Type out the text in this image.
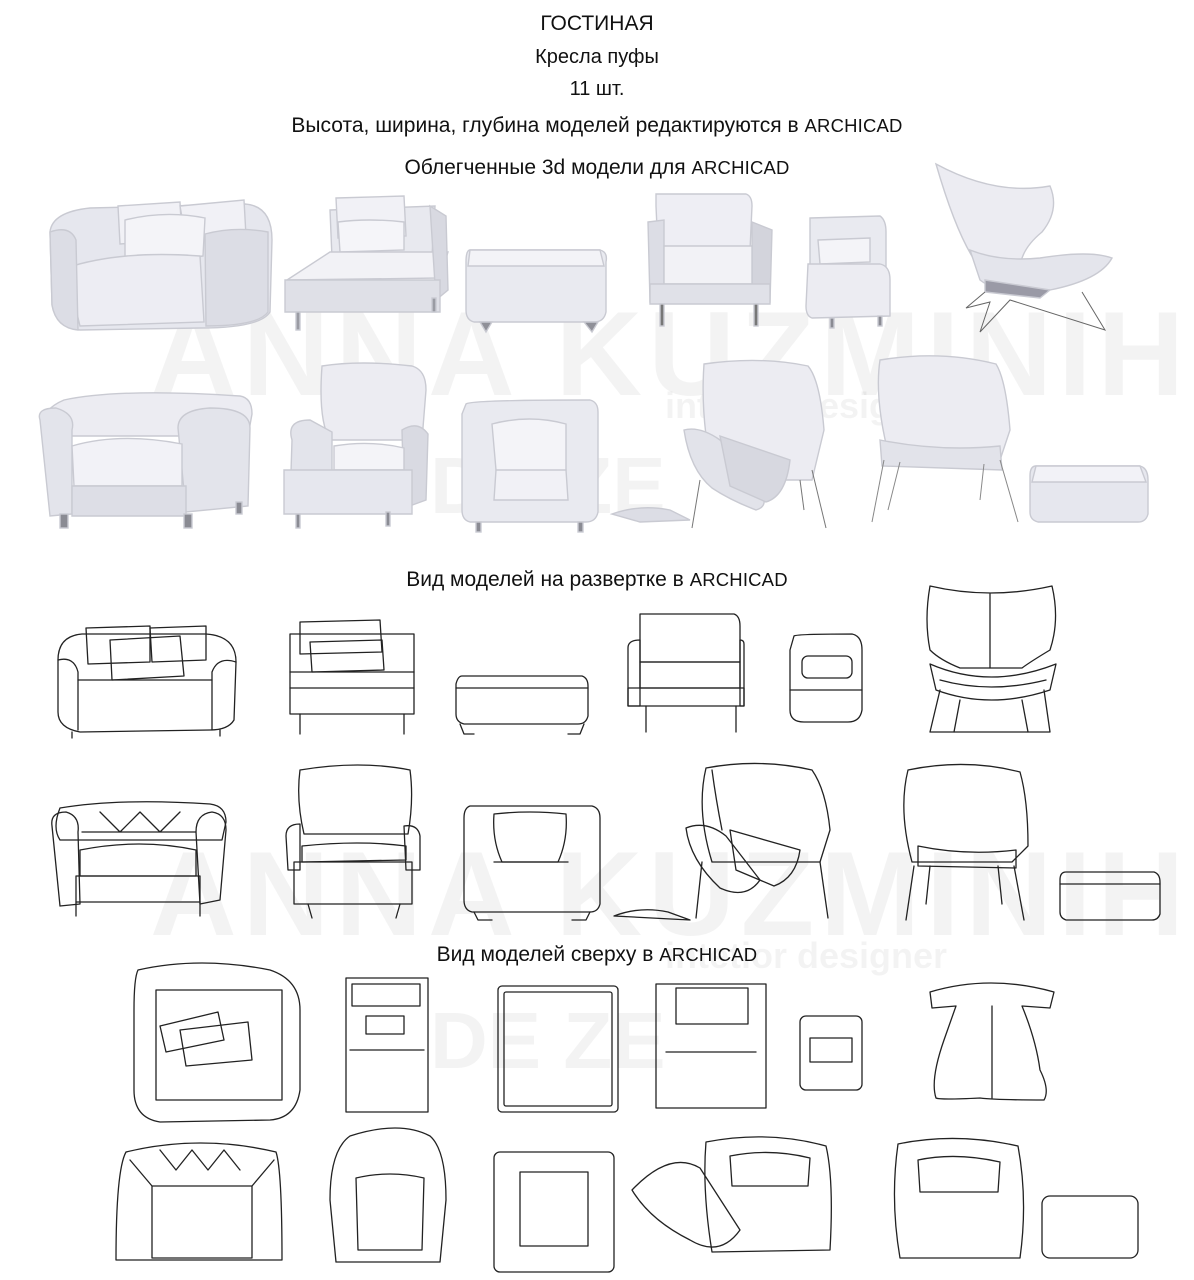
ГОСТИНАЯ
Кресла пуфы
11 шт.
Высота, ширина, глубина моделей редактируются в ARCHICAD
Облегченные 3d модели для ARCHICAD
Вид моделей на развертке в ARCHICAD
Вид моделей сверху в ARCHICAD
